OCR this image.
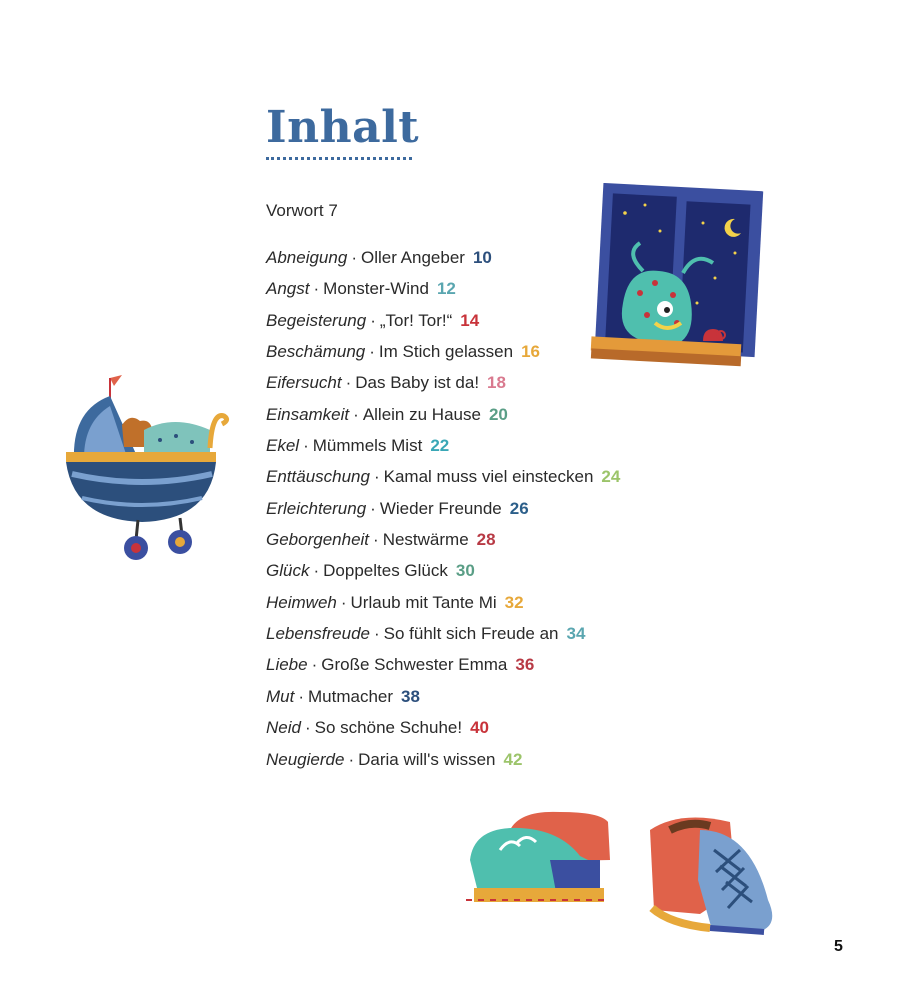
Inhalt
Vorwort 7
Abneigung · Oller Angeber 10
Angst · Monster-Wind 12
Begeisterung · „Tor! Tor!“ 14
Beschämung · Im Stich gelassen 16
Eifersucht · Das Baby ist da! 18
Einsamkeit · Allein zu Hause 20
Ekel · Mümmels Mist 22
Enttäuschung · Kamal muss viel einstecken 24
Erleichterung · Wieder Freunde 26
Geborgenheit · Nestwärme 28
Glück · Doppeltes Glück 30
Heimweh · Urlaub mit Tante Mi 32
Lebensfreude · So fühlt sich Freude an 34
Liebe · Große Schwester Emma 36
Mut · Mutmacher 38
Neid · So schöne Schuhe! 40
Neugierde · Daria will's wissen 42
5
